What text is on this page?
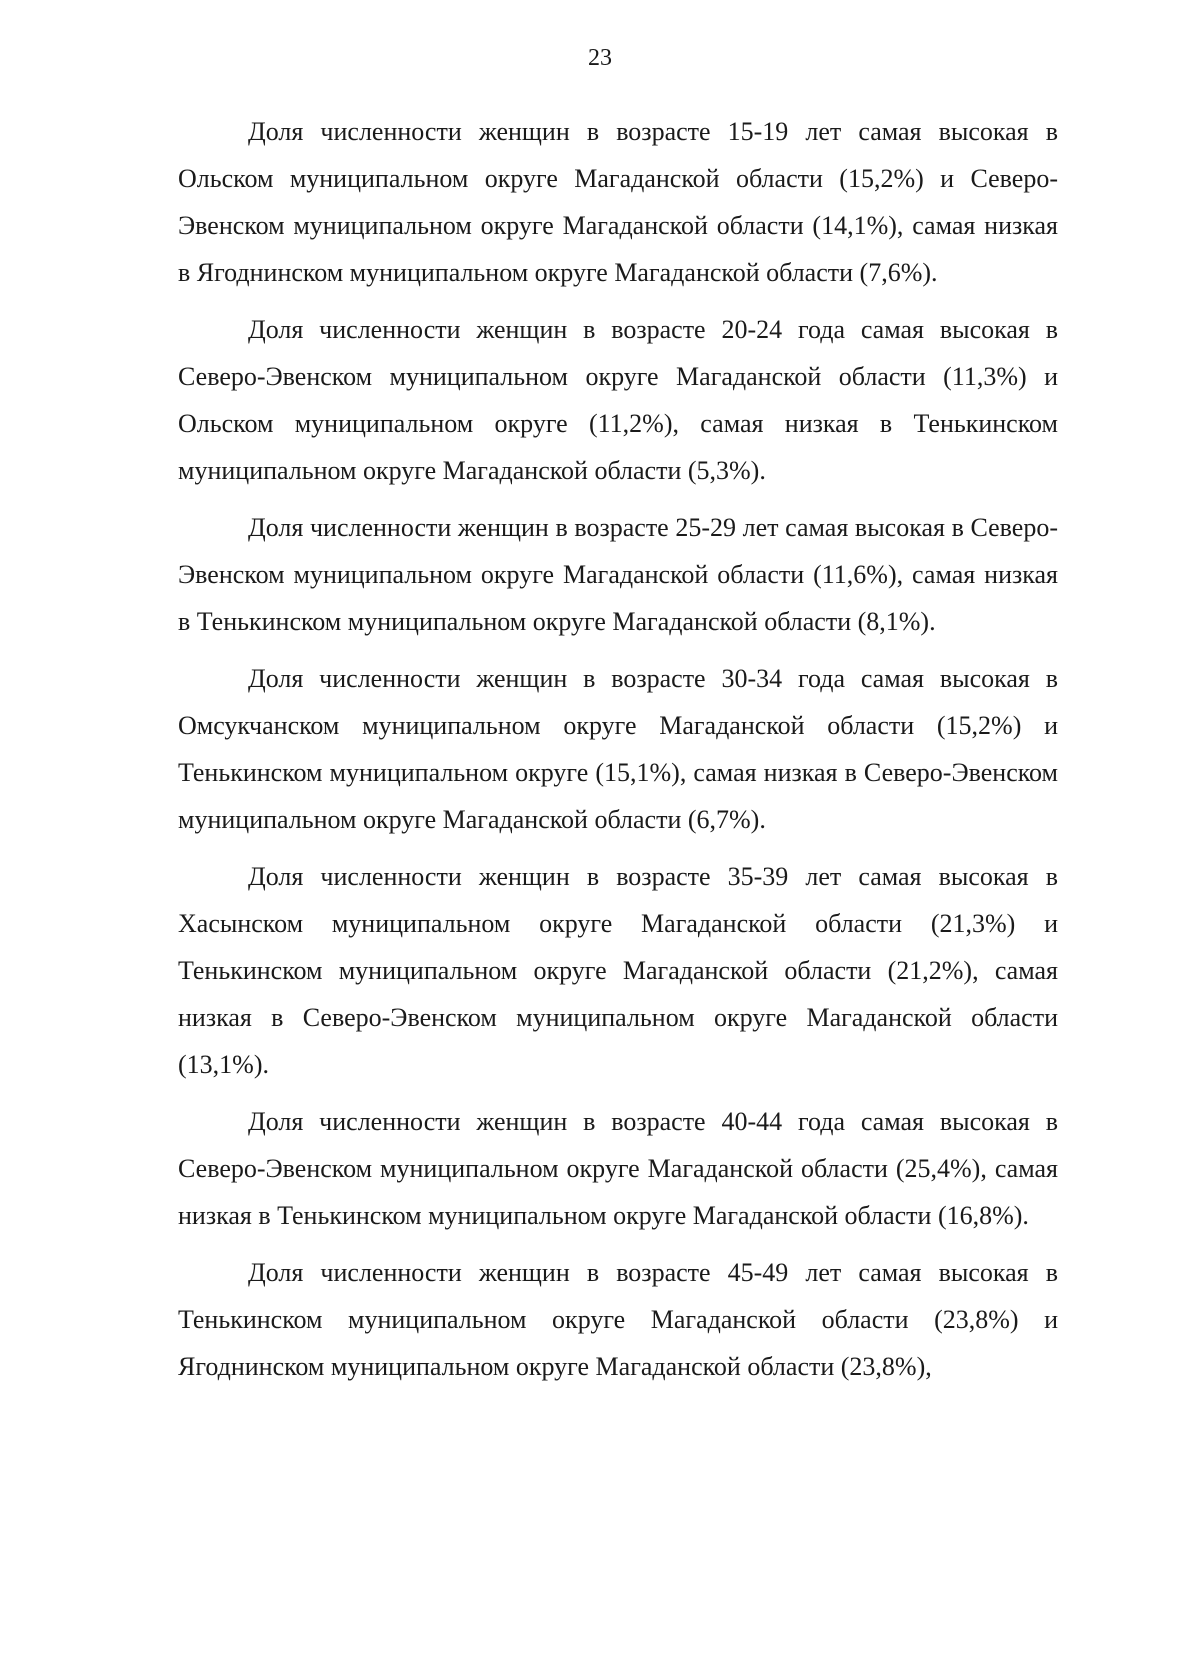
23

Доля численности женщин в возрасте 15-19 лет самая высокая в Ольском муниципальном округе Магаданской области (15,2%) и Северо-Эвенском муниципальном округе Магаданской области (14,1%), самая низкая в Ягоднинском муниципальном округе Магаданской области (7,6%).

Доля численности женщин в возрасте 20-24 года самая высокая в Северо-Эвенском муниципальном округе Магаданской области (11,3%) и Ольском муниципальном округе (11,2%), самая низкая в Тенькинском муниципальном округе Магаданской области (5,3%).

Доля численности женщин в возрасте 25-29 лет самая высокая в Северо-Эвенском муниципальном округе Магаданской области (11,6%), самая низкая в Тенькинском муниципальном округе Магаданской области (8,1%).

Доля численности женщин в возрасте 30-34 года самая высокая в Омсукчанском муниципальном округе Магаданской области (15,2%) и Тенькинском муниципальном округе (15,1%), самая низкая в Северо-Эвенском муниципальном округе Магаданской области (6,7%).

Доля численности женщин в возрасте 35-39 лет самая высокая в Хасынском муниципальном округе Магаданской области (21,3%) и Тенькинском муниципальном округе Магаданской области (21,2%), самая низкая в Северо-Эвенском муниципальном округе Магаданской области (13,1%).

Доля численности женщин в возрасте 40-44 года самая высокая в Северо-Эвенском муниципальном округе Магаданской области (25,4%), самая низкая в Тенькинском муниципальном округе Магаданской области (16,8%).

Доля численности женщин в возрасте 45-49 лет самая высокая в Тенькинском муниципальном округе Магаданской области (23,8%) и Ягоднинском муниципальном округе Магаданской области (23,8%),
